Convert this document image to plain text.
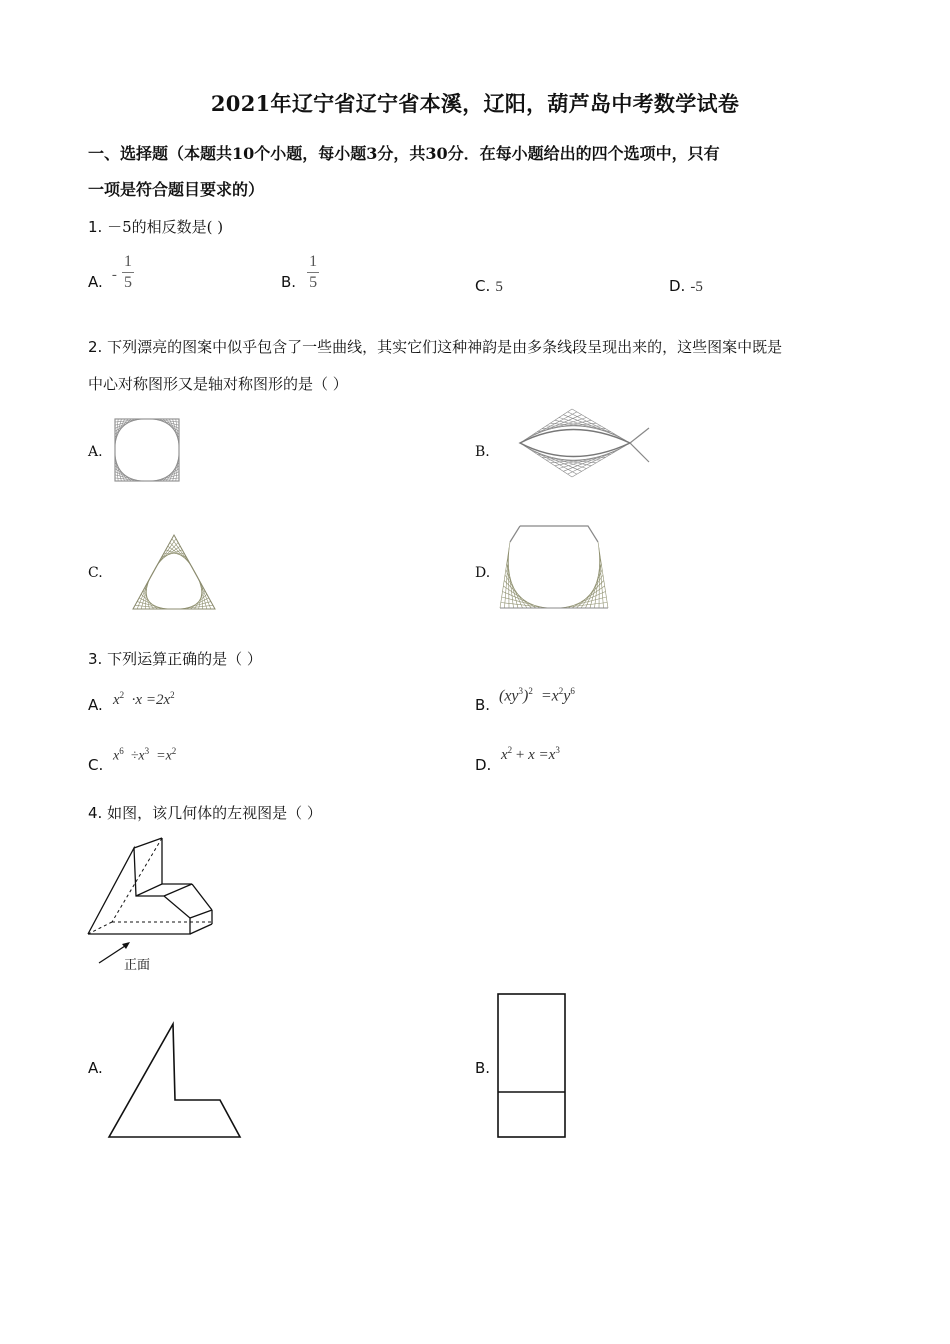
2021年辽宁省辽宁省本溪，辽阳，葫芦岛中考数学试卷
一、选择题（本题共10个小题，每小题3分，共30分．在每小题给出的四个选项中，只有
一项是符合题目要求的）
1. －5的相反数是( )
A. - $\frac{1}{5}$	B. $\frac{1}{5}$	C. 5	D. -5
2. 下列漂亮的图案中似乎包含了一些曲线，其实它们这种神韵是由多条线段呈现出来的，这些图案中既是
中心对称图形又是轴对称图形的是（ ）
A.	B.
C.	D.
3. 下列运算正确的是（ ）
A. $x^2 \cdot x =2x^2$
B.
$(xy^3)^2 =x^2y^6$
C. $x^6 \div x^3 =x^2$
D.
$x^2 + x =x^3$
4. 如图，该几何体的左视图是（ ）
正面
A.	B.
